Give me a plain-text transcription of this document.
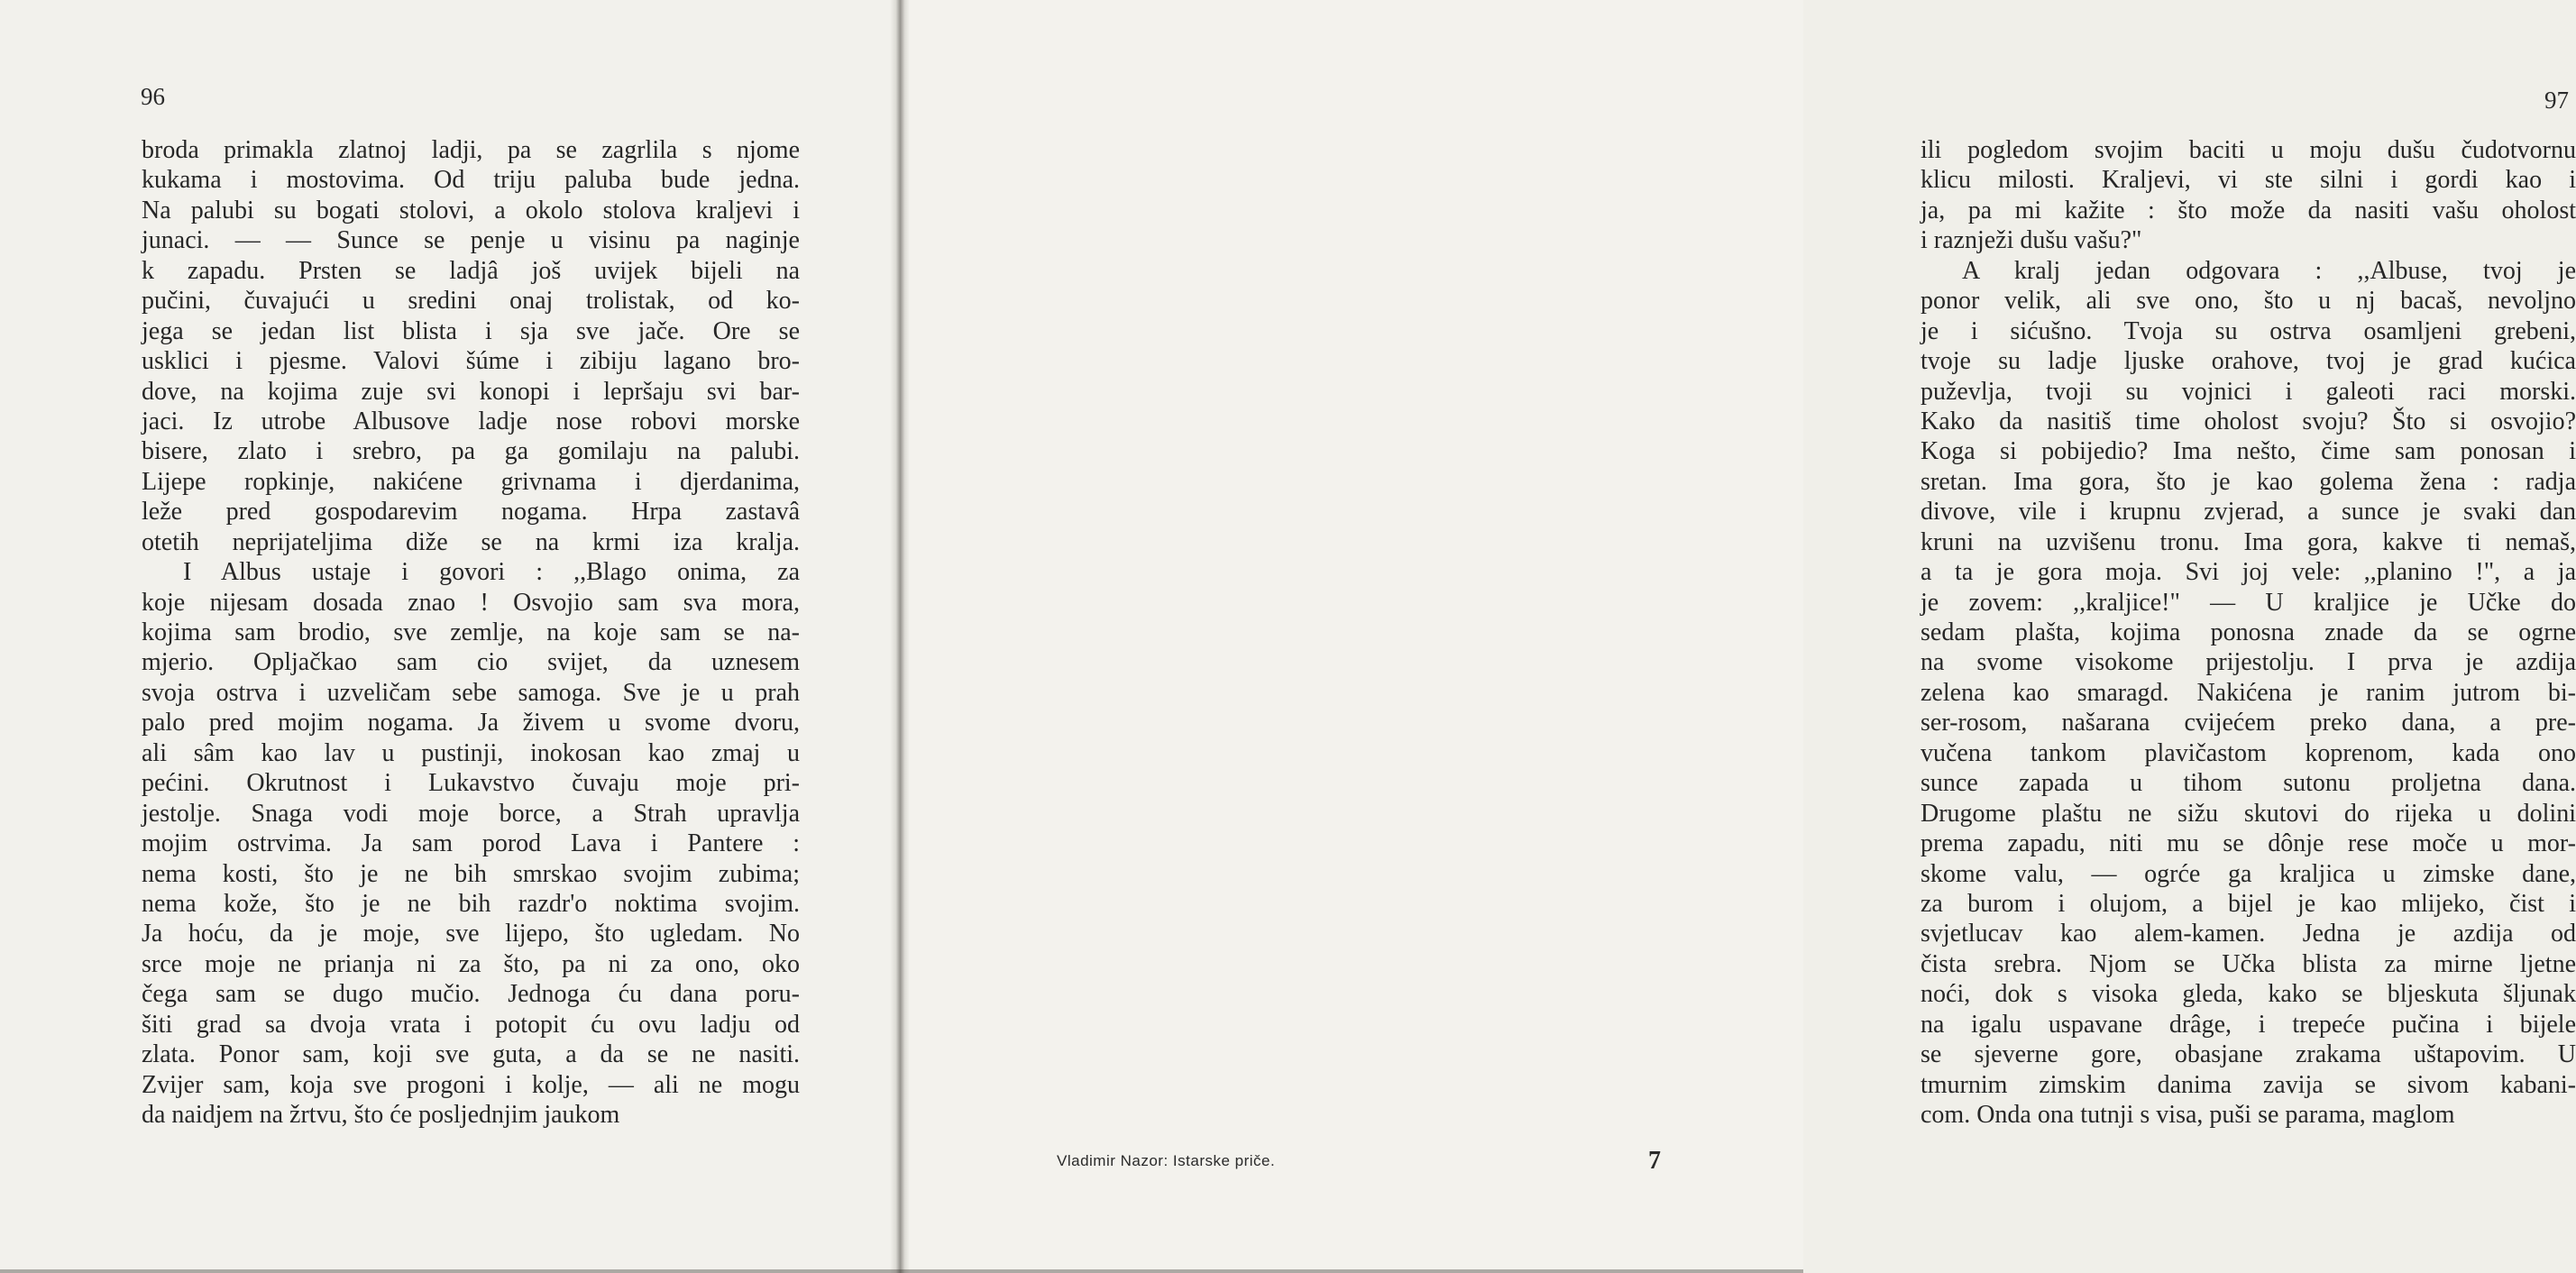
96
broda primakla zlatnoj ladji, pa se zagrlila s njome
kukama i mostovima. Od triju paluba bude jedna.
Na palubi su bogati stolovi, a okolo stolova kraljevi i
junaci. — — Sunce se penje u visinu pa naginje
k zapadu. Prsten se ladjâ još uvijek bijeli na
pučini, čuvajući u sredini onaj trolistak, od ko-
jega se jedan list blista i sja sve jače. Ore se
usklici i pjesme. Valovi šúme i zibiju lagano bro-
dove, na kojima zuje svi konopi i lepršaju svi bar-
jaci. Iz utrobe Albusove ladje nose robovi morske
bisere, zlato i srebro, pa ga gomilaju na palubi.
Lijepe ropkinje, nakićene grivnama i djerdanima,
leže pred gospodarevim nogama. Hrpa zastavâ
otetih neprijateljima diže se na krmi iza kralja.
I Albus ustaje i govori : ,,Blago onima, za
koje nijesam dosada znao ! Osvojio sam sva mora,
kojima sam brodio, sve zemlje, na koje sam se na-
mjerio. Opljačkao sam cio svijet, da uznesem
svoja ostrva i uzveličam sebe samoga. Sve je u prah
palo pred mojim nogama. Ja živem u svome dvoru,
ali sâm kao lav u pustinji, inokosan kao zmaj u
pećini. Okrutnost i Lukavstvo čuvaju moje pri-
jestolje. Snaga vodi moje borce, a Strah upravlja
mojim ostrvima. Ja sam porod Lava i Pantere :
nema kosti, što je ne bih smrskao svojim zubima;
nema kože, što je ne bih razdr'o noktima svojim.
Ja hoću, da je moje, sve lijepo, što ugledam. No
srce moje ne prianja ni za što, pa ni za ono, oko
čega sam se dugo mučio. Jednoga ću dana poru-
šiti grad sa dvoja vrata i potopit ću ovu ladju od
zlata. Ponor sam, koji sve guta, a da se ne nasiti.
Zvijer sam, koja sve progoni i kolje, — ali ne mogu
da naidjem na žrtvu, što će posljednjim jaukom
97
ili pogledom svojim baciti u moju dušu čudotvornu
klicu milosti. Kraljevi, vi ste silni i gordi kao i
ja, pa mi kažite : što može da nasiti vašu oholost
i raznježi dušu vašu?"
A kralj jedan odgovara : ,,Albuse, tvoj je
ponor velik, ali sve ono, što u nj bacaš, nevoljno
je i sićušno. Tvoja su ostrva osamljeni grebeni,
tvoje su ladje ljuske orahove, tvoj je grad kućica
puževlja, tvoji su vojnici i galeoti raci morski.
Kako da nasitiš time oholost svoju? Što si osvojio?
Koga si pobijedio? Ima nešto, čime sam ponosan i
sretan. Ima gora, što je kao golema žena : radja
divove, vile i krupnu zvjerad, a sunce je svaki dan
kruni na uzvišenu tronu. Ima gora, kakve ti nemaš,
a ta je gora moja. Svi joj vele: ,,planino !", a ja
je zovem: ,,kraljice!" — U kraljice je Učke do
sedam plašta, kojima ponosna znade da se ogrne
na svome visokome prijestolju. I prva je azdija
zelena kao smaragd. Nakićena je ranim jutrom bi-
ser-rosom, našarana cvijećem preko dana, a pre-
vučena tankom plavičastom koprenom, kada ono
sunce zapada u tihom sutonu proljetna dana.
Drugome plaštu ne sižu skutovi do rijeka u dolini
prema zapadu, niti mu se dônje rese moče u mor-
skome valu, — ogrće ga kraljica u zimske dane,
za burom i olujom, a bijel je kao mlijeko, čist i
svjetlucav kao alem-kamen. Jedna je azdija od
čista srebra. Njom se Učka blista za mirne ljetne
noći, dok s visoka gleda, kako se bljeskuta šljunak
na igalu uspavane drâge, i trepeće pučina i bijele
se sjeverne gore, obasjane zrakama uštapovim. U
tmurnim zimskim danima zavija se sivom kabani-
com. Onda ona tutnji s visa, puši se parama, maglom
Vladimir Nazor: Istarske priče.	7
